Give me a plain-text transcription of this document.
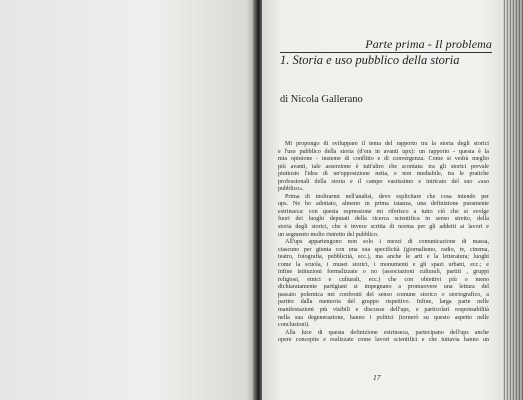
Parte prima - Il problema
1. Storia e uso pubblico della storia
di Nicola Gallerano
Mi propongo di sviluppare il tema del rapporto tra la storia degli storici
e l'uso pubblico della storia (d'ora in avanti upx): un rapporto - questa è la
mia opinione - insieme di conflitto e di convergenza. Come si vedrà meglio
più avanti, tale asserzione è tutt'altro che scontata: tra gli storici prevale
piuttosto l'idea di un'opposizione netta, e non mediabile, tra le pratiche
professionali della storia e il campo vastissimo e intricato del suo «uso
pubblico».
Prima di inoltrarmi nell'analisi, devo esplicitare che cosa intendo per
ups. Ne ho adottato, almeno in prima istanza, una definizione puramente
estrinseca: con questa espressione mi riferisco a tutto ciò che si svolge
fuori dei luoghi deputati della ricerca scientifica in senso stretto, della
storia degli storici, che è invece scritta di norma per gli addetti ai lavori e
un segmento molto ristretto del pubblico.
All'ups appartengono non solo i mezzi di comunicazione di massa,
ciascuno per giunta con una sua specificità (giornalismo, radio, tv, cinema,
teatro, fotografia, pubblicità, ecc.), ma anche le arti e la letteratura; luoghi
come la scuola, i musei storici, i monumenti e gli spazi urbani, ecc.; e
infine istituzioni formalizzate o no (associazioni culturali, partiti , gruppi
religiosi, etnici e culturali, ecc.) che con obiettivi più o meno
dichiaratamente partigiani si impegnano a promuovere una lettura del
passato polemica nei confronti del senso comune storico o storiografico, a
partire dalla memoria del gruppo rispettivo. Infine, larga parte nelle
manifestazioni più visibili e discusse dell'ups, e particolari responsabilità
nella sua degenerazione, hanno i politici (tornerò su questo aspetto nelle
conclusioni).
Alla luce di questa definizione estrinseca, partecipano dell'ups anche
opere concepite e realizzate come lavori scientifici e che tuttavia hanno un
17
